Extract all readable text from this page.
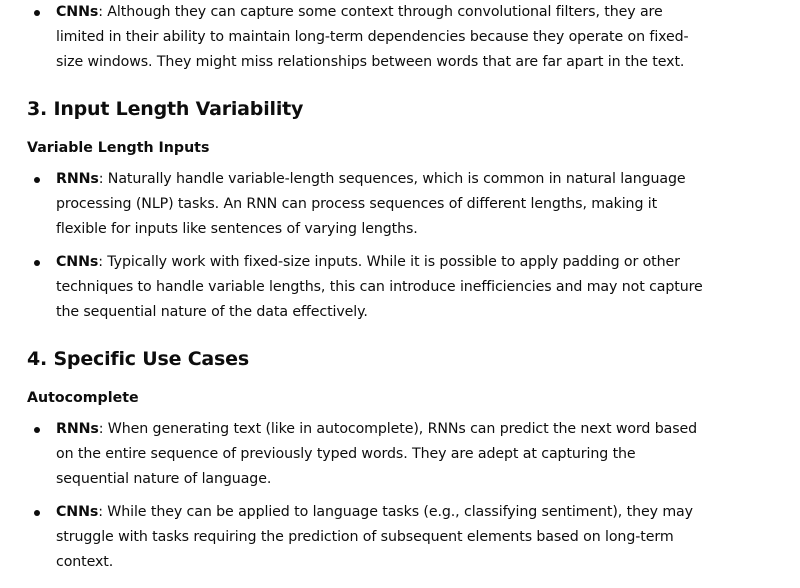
CNNs: Although they can capture some context through convolutional filters, they are limited in their ability to maintain long-term dependencies because they operate on fixed-size windows. They might miss relationships between words that are far apart in the text.
3. Input Length Variability
Variable Length Inputs
RNNs: Naturally handle variable-length sequences, which is common in natural language processing (NLP) tasks. An RNN can process sequences of different lengths, making it flexible for inputs like sentences of varying lengths.
CNNs: Typically work with fixed-size inputs. While it is possible to apply padding or other techniques to handle variable lengths, this can introduce inefficiencies and may not capture the sequential nature of the data effectively.
4. Specific Use Cases
Autocomplete
RNNs: When generating text (like in autocomplete), RNNs can predict the next word based on the entire sequence of previously typed words. They are adept at capturing the sequential nature of language.
CNNs: While they can be applied to language tasks (e.g., classifying sentiment), they may struggle with tasks requiring the prediction of subsequent elements based on long-term context.
